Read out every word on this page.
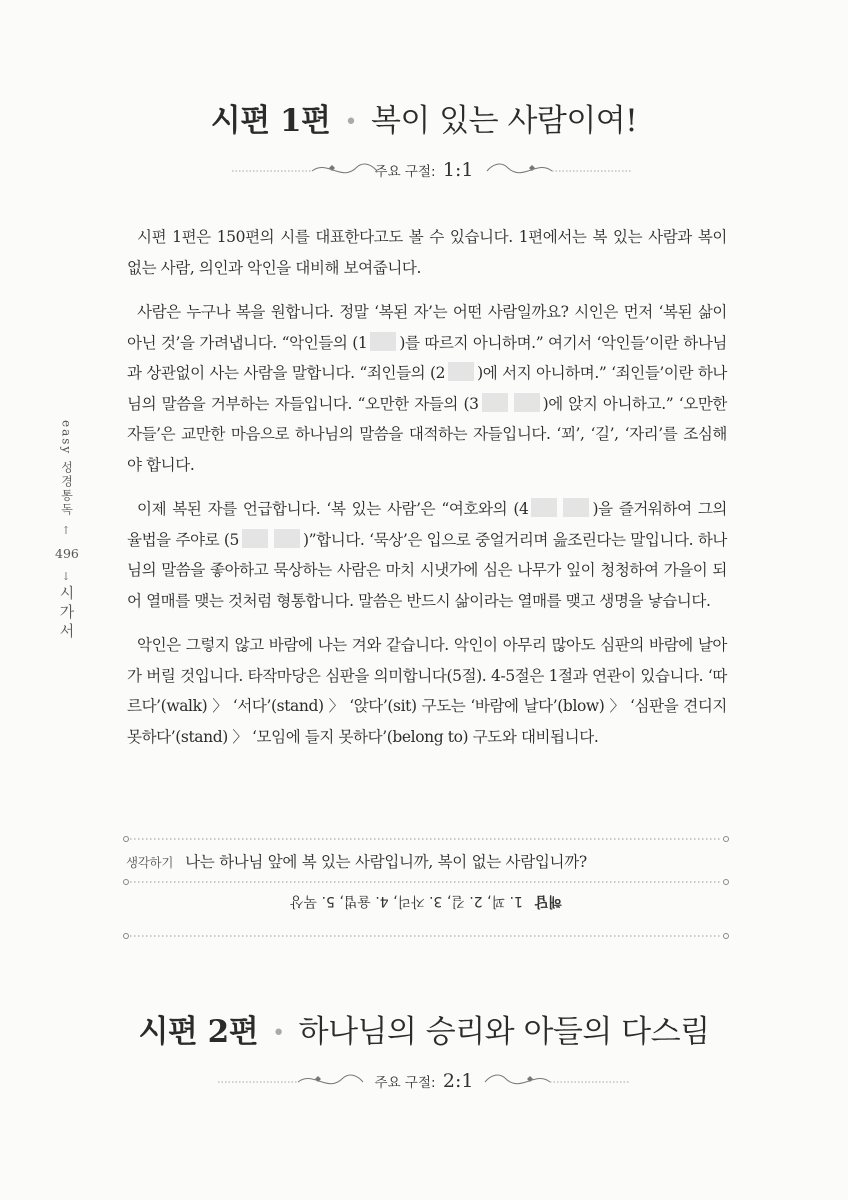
시편 1편 • 복이 있는 사람이여!
주요 구절: 1:1

시편 1편은 150편의 시를 대표한다고도 볼 수 있습니다. 1편에서는 복 있는 사람과 복이 없는 사람, 의인과 악인을 대비해 보여줍니다.

사람은 누구나 복을 원합니다. 정말 ‘복된 자’는 어떤 사람일까요? 시인은 먼저 ‘복된 삶이 아닌 것’을 가려냅니다. “악인들의 (1 )를 따르지 아니하며.” 여기서 ‘악인들’이란 하나님과 상관없이 사는 사람을 말합니다. “죄인들의 (2 )에 서지 아니하며.” ‘죄인들’이란 하나님의 말씀을 거부하는 자들입니다. “오만한 자들의 (3	)에 앉지 아니하고.” ‘오만한 자들’은 교만한 마음으로 하나님의 말씀을 대적하는 자들입니다. ‘꾀’, ‘길’, ‘자리’를 조심해야 합니다.

이제 복된 자를 언급합니다. ‘복 있는 사람’은 “여호와의 (4	)을 즐거워하여 그의 율법을 주야로 (5	)”합니다. ‘묵상’은 입으로 중얼거리며 읊조린다는 말입니다. 하나님의 말씀을 좋아하고 묵상하는 사람은 마치 시냇가에 심은 나무가 잎이 청청하여 가을이 되어 열매를 맺는 것처럼 형통합니다. 말씀은 반드시 삶이라는 열매를 맺고 생명을 낳습니다.

악인은 그렇지 않고 바람에 나는 겨와 같습니다. 악인이 아무리 많아도 심판의 바람에 날아가 버릴 것입니다. 타작마당은 심판을 의미합니다(5절). 4-5절은 1절과 연관이 있습니다. ‘따르다’(walk) 〉 ‘서다’(stand) 〉 ‘앉다’(sit) 구도는 ‘바람에 날다’(blow) 〉 ‘심판을 견디지 못하다’(stand) 〉 ‘모임에 들지 못하다’(belong to) 구도와 대비됩니다.

easy 성경통독
↑
496
↓
시가서
생각하기 나는 하나님 앞에 복 있는 사람입니까, 복이 없는 사람입니까?
해답1. 꾀, 2. 길, 3. 자리, 4. 율법, 5. 묵상
시편 2편 • 하나님의 승리와 아들의 다스림
주요 구절: 2:1
